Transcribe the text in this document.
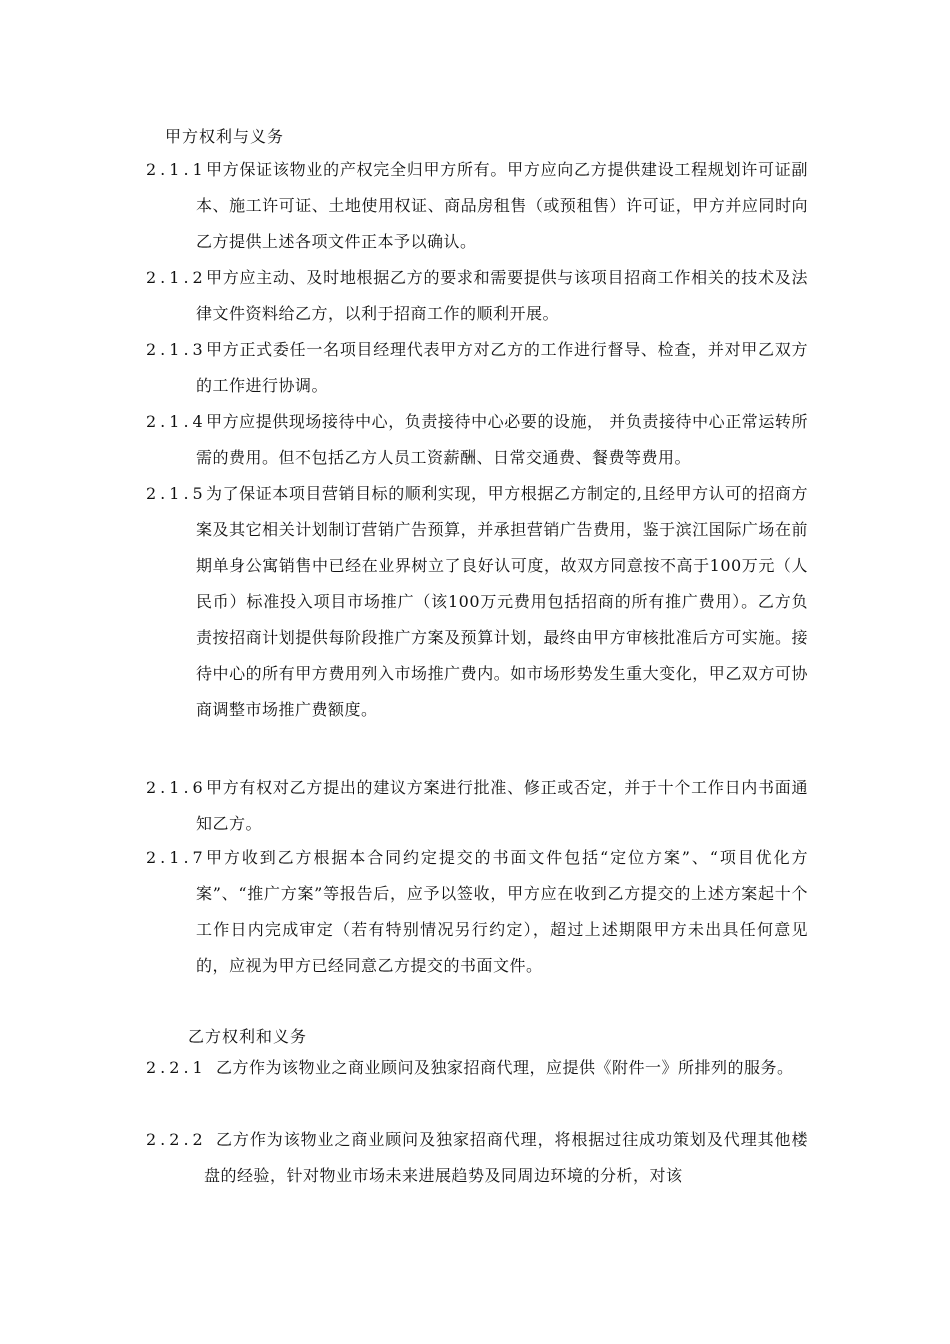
甲方权利与义务
2.1.1 甲方保证该物业的产权完全归甲方所有。甲方应向乙方提供建设工程规划许可证副本、施工许可证、土地使用权证、商品房租售（或预租售）许可证，甲方并应同时向乙方提供上述各项文件正本予以确认。
2.1.2 甲方应主动、及时地根据乙方的要求和需要提供与该项目招商工作相关的技术及法律文件资料给乙方，以利于招商工作的顺利开展。
2.1.3 甲方正式委任一名项目经理代表甲方对乙方的工作进行督导、检查，并对甲乙双方的工作进行协调。
2.1.4 甲方应提供现场接待中心，负责接待中心必要的设施， 并负责接待中心正常运转所需的费用。但不包括乙方人员工资薪酬、日常交通费、餐费等费用。
2.1.5 为了保证本项目营销目标的顺利实现，甲方根据乙方制定的,且经甲方认可的招商方案及其它相关计划制订营销广告预算，并承担营销广告费用，鉴于滨江国际广场在前期单身公寓销售中已经在业界树立了良好认可度，故双方同意按不高于100万元（人民币）标准投入项目市场推广（该100万元费用包括招商的所有推广费用）。乙方负责按招商计划提供每阶段推广方案及预算计划，最终由甲方审核批准后方可实施。接待中心的所有甲方费用列入市场推广费内。如市场形势发生重大变化，甲乙双方可协商调整市场推广费额度。
2.1.6 甲方有权对乙方提出的建议方案进行批准、修正或否定，并于十个工作日内书面通知乙方。
2.1.7 甲方收到乙方根据本合同约定提交的书面文件包括“定位方案”、“项目优化方案”、“推广方案”等报告后，应予以签收，甲方应在收到乙方提交的上述方案起十个工作日内完成审定（若有特别情况另行约定），超过上述期限甲方未出具任何意见的，应视为甲方已经同意乙方提交的书面文件。
乙方权利和义务
2.2.1 乙方作为该物业之商业顾问及独家招商代理，应提供《附件一》所排列的服务。
2.2.2 乙方作为该物业之商业顾问及独家招商代理，将根据过往成功策划及代理其他楼盘的经验，针对物业市场未来进展趋势及同周边环境的分析，对该
